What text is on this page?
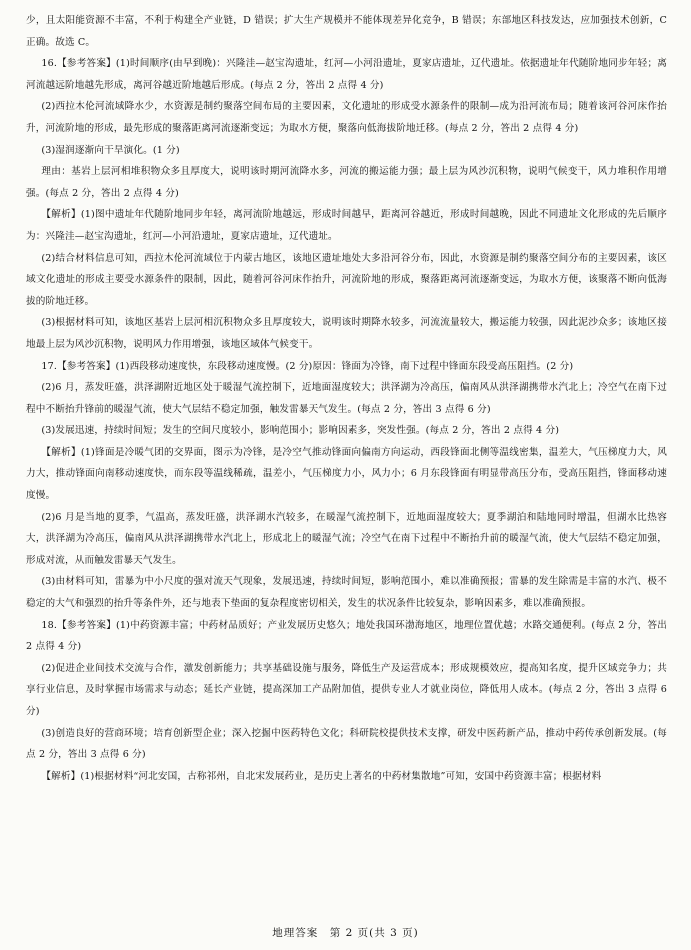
少，且太阳能资源不丰富，不利于构建全产业链，D 错误；扩大生产规模并不能体现差异化竞争，B 错误；东部地区科技发达，应加强技术创新，C 正确。故选 C。

16.【参考答案】(1)时间顺序(由早到晚)：兴隆洼—赵宝沟遗址，红河—小河沿遗址，夏家店遗址，辽代遗址。依据遗址年代随阶地同步年轻；离河流越远阶地越先形成，离河谷越近阶地越后形成。(每点 2 分，答出 2 点得 4 分)

(2)西拉木伦河流域降水少，水资源是制约聚落空间布局的主要因素，文化遗址的形成受水源条件的限制—成为沿河流布局；随着该河谷河床作抬升，河流阶地的形成，最先形成的聚落距离河流逐渐变远；为取水方便，聚落向低海拔阶地迁移。(每点 2 分，答出 2 点得 4 分)

(3)湿润逐渐向干旱演化。(1 分)

理由：基岩上层河相堆积物众多且厚度大，说明该时期河流降水多，河流的搬运能力强；最上层为风沙沉积物，说明气候变干，风力堆积作用增强。(每点 2 分，答出 2 点得 4 分)

【解析】(1)图中遗址年代随阶地同步年轻，离河流阶地越远，形成时间越早，距离河谷越近，形成时间越晚，因此不同遗址文化形成的先后顺序为：兴隆洼—赵宝沟遗址，红河—小河沿遗址，夏家店遗址，辽代遗址。

(2)结合材料信息可知，西拉木伦河流域位于内蒙古地区，该地区遗址地处大多沿河谷分布，因此，水资源是制约聚落空间分布的主要因素，该区域文化遗址的形成主要受水源条件的限制，因此，随着河谷河床作抬升，河流阶地的形成，聚落距离河流逐渐变远，为取水方便，该聚落不断向低海拔的阶地迁移。

(3)根据材料可知，该地区基岩上层河相沉积物众多且厚度较大，说明该时期降水较多，河流流量较大，搬运能力较强，因此泥沙众多；该地区接地最上层为风沙沉积物，说明风力作用增强，该地区域体气候变干。

17.【参考答案】(1)西段移动速度快，东段移动速度慢。(2 分)原因：锋面为冷锋，南下过程中锋面东段受高压阻挡。(2 分)

(2)6 月，蒸发旺盛，洪泽湖附近地区处于暖湿气流控制下，近地面湿度较大；洪泽湖为冷高压，偏南风从洪泽湖携带水汽北上；冷空气在南下过程中不断抬升锋前的暖湿气流，使大气层结不稳定加强，触发雷暴天气发生。(每点 2 分，答出 3 点得 6 分)

(3)发展迅速，持续时间短；发生的空间尺度较小，影响范围小；影响因素多，突发性强。(每点 2 分，答出 2 点得 4 分)

【解析】(1)锋面是冷暖气团的交界面，图示为冷锋，是冷空气推动锋面向偏南方向运动，西段锋面北侧等温线密集，温差大，气压梯度力大，风力大，推动锋面向南移动速度快，而东段等温线稀疏，温差小，气压梯度力小，风力小；6 月东段锋面有明显带高压分布，受高压阻挡，锋面移动速度慢。

(2)6 月是当地的夏季，气温高，蒸发旺盛，洪泽湖水汽较多，在暖湿气流控制下，近地面湿度较大；夏季湖泊和陆地同时增温，但湖水比热容大，洪泽湖为冷高压，偏南风从洪泽湖携带水汽北上，形成北上的暖湿气流；冷空气在南下过程中不断抬升前的暖湿气流，使大气层结不稳定加强，形成对流，从而触发雷暴天气发生。

(3)由材料可知，雷暴为中小尺度的强对流天气现象，发展迅速，持续时间短，影响范围小，难以准确预报；雷暴的发生除需是丰富的水汽、极不稳定的大气和强烈的抬升等条件外，还与地表下垫面的复杂程度密切相关，发生的状况条件比较复杂，影响因素多，难以准确预报。

18.【参考答案】(1)中药资源丰富；中药材品质好；产业发展历史悠久；地处我国环渤海地区，地理位置优越；水路交通便利。(每点 2 分，答出 2 点得 4 分)

(2)促进企业间技术交流与合作，激发创新能力；共享基础设施与服务，降低生产及运营成本；形成规模效应，提高知名度，提升区域竞争力；共享行业信息，及时掌握市场需求与动态；延长产业链，提高深加工产品附加值，提供专业人才就业岗位，降低用人成本。(每点 2 分，答出 3 点得 6 分)

(3)创造良好的营商环境；培育创新型企业；深入挖掘中医药特色文化；科研院校提供技术支撑，研发中医药新产品，推动中药传承创新发展。(每点 2 分，答出 3 点得 6 分)

【解析】(1)根据材料“河北安国，古称祁州，自北宋发展药业，是历史上著名的中药材集散地”可知，安国中药资源丰富；根据材料

地理答案　第 2 页(共 3 页)
